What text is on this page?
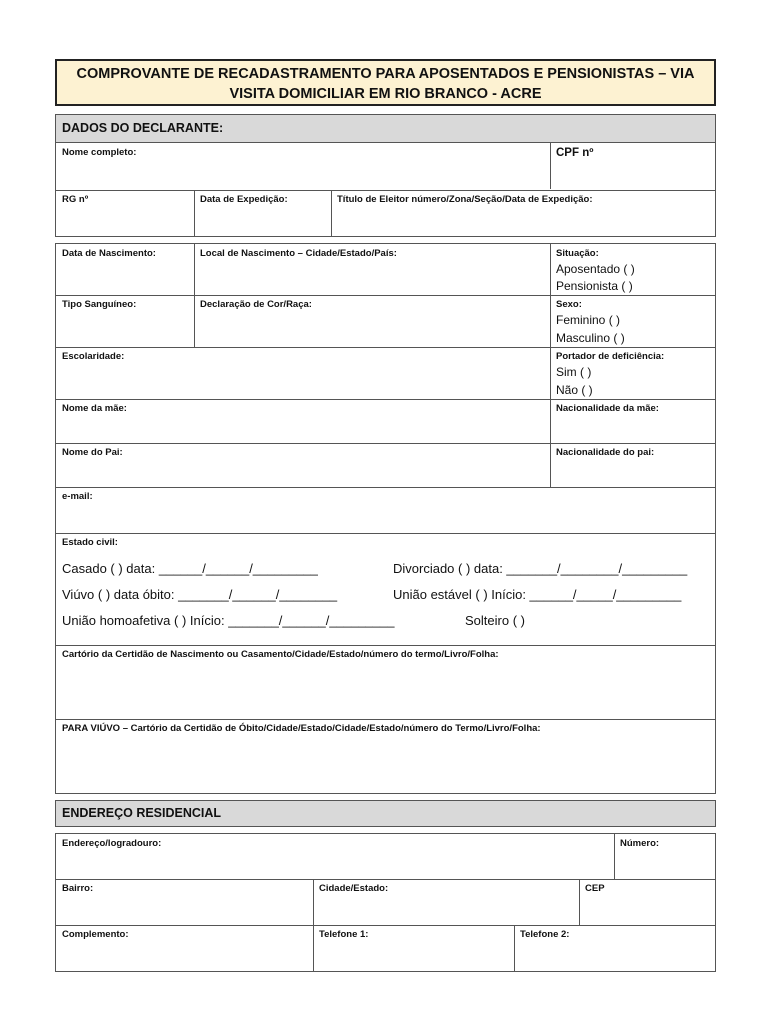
COMPROVANTE DE RECADASTRAMENTO PARA APOSENTADOS E PENSIONISTAS – VIA
VISITA DOMICILIAR EM RIO BRANCO - ACRE
DADOS DO DECLARANTE:
Nome completo:	CPF nº
RG nº	Data de Expedição:	Título de Eleitor número/Zona/Seção/Data de Expedição:
Data de Nascimento:	Local de Nascimento – Cidade/Estado/País:	Situação:
Aposentado ( )
Pensionista ( )
Tipo Sanguíneo:	Declaração de Cor/Raça:	Sexo:
Feminino ( )
Masculino ( )
Escolaridade:	Portador de deficiência:
Sim ( )
Não ( )
Nome da mãe:	Nacionalidade da mãe:
Nome do Pai:	Nacionalidade do pai:
e-mail:
Estado civil:
Casado ( ) data: ______/______/_________	Divorciado ( ) data: _______/________/_________
Viúvo ( ) data óbito: _______/______/________	União estável ( ) Início: ______/_____/_________
União homoafetiva ( ) Início: _______/______/_________	Solteiro ( )
Cartório da Certidão de Nascimento ou Casamento/Cidade/Estado/número do termo/Livro/Folha:
PARA VIÚVO – Cartório da Certidão de Óbito/Cidade/Estado/Cidade/Estado/número do Termo/Livro/Folha:
ENDEREÇO RESIDENCIAL
Endereço/logradouro:	Número:
Bairro:	Cidade/Estado:	CEP
Complemento:	Telefone 1:	Telefone 2:
